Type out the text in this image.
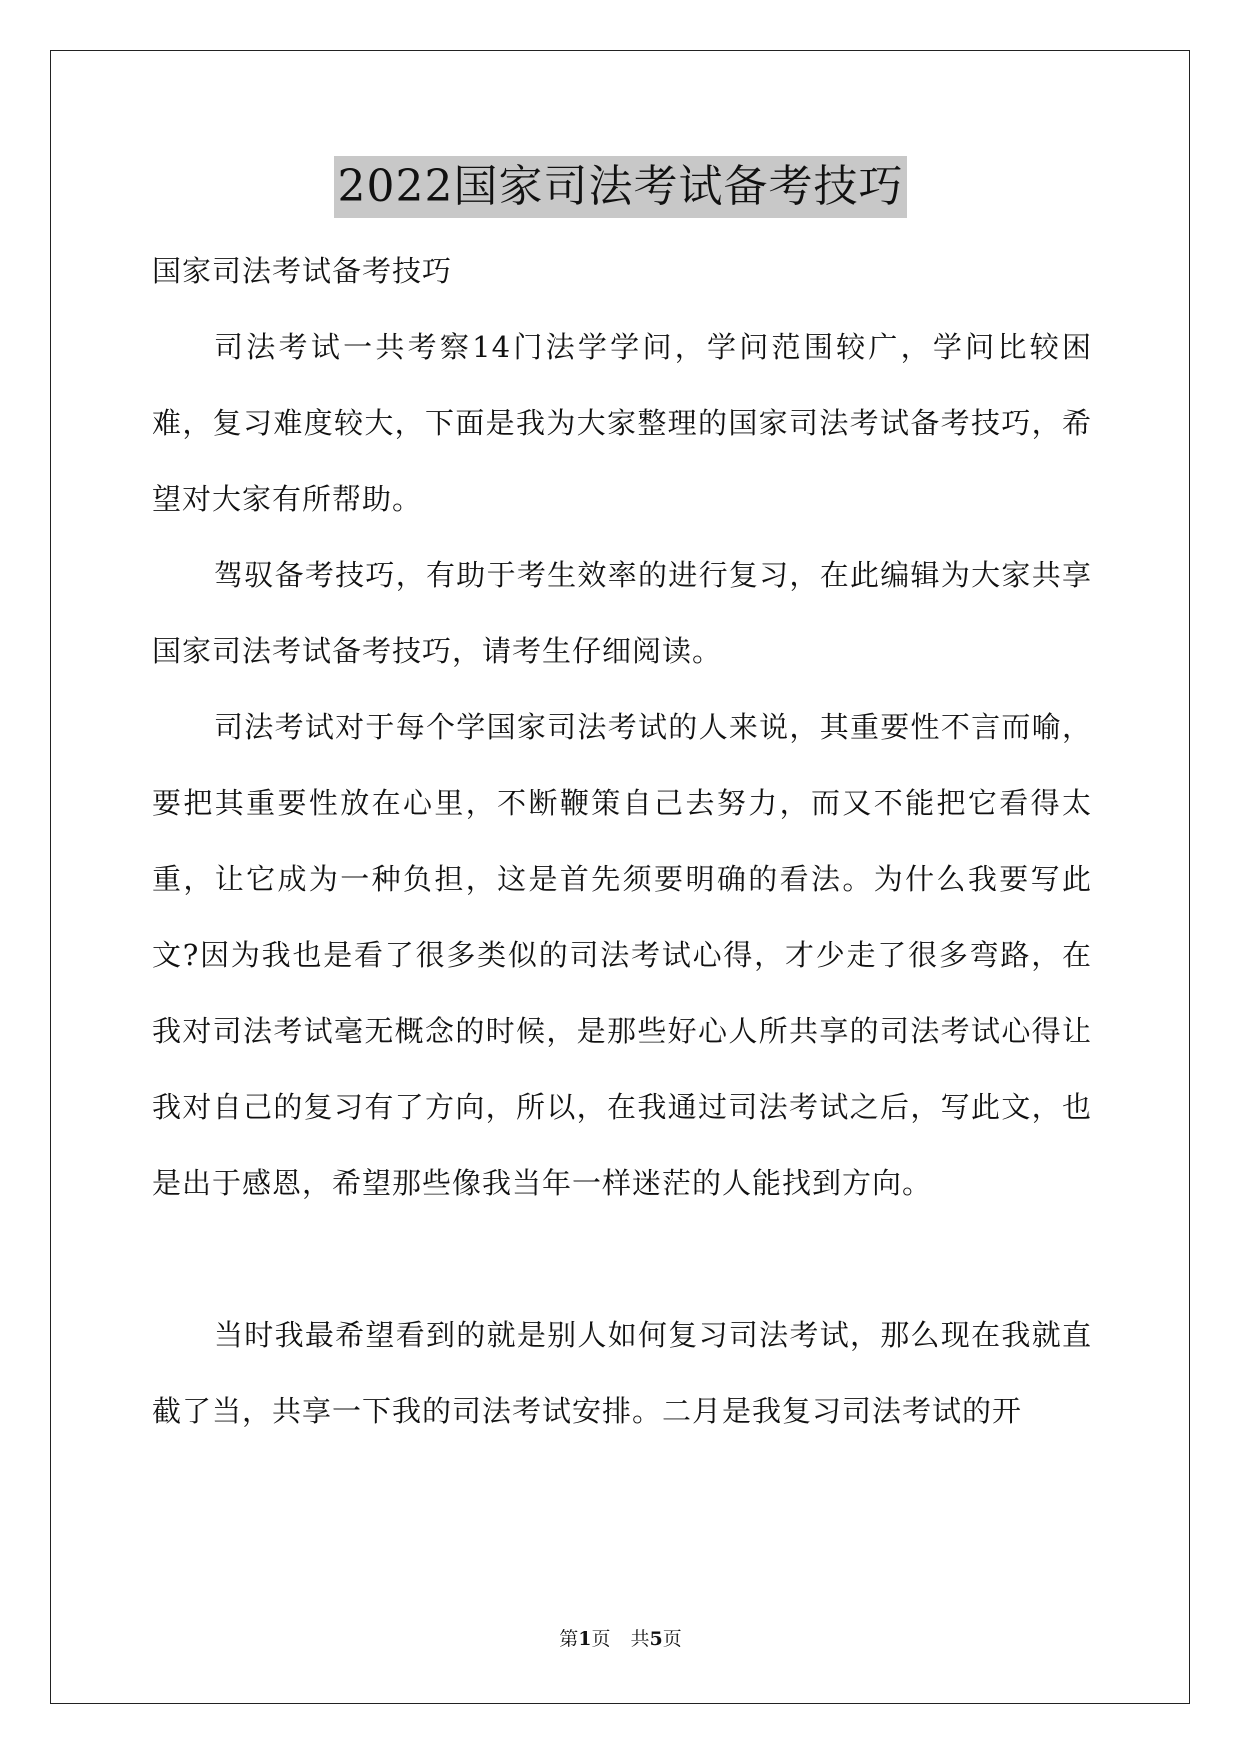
2022国家司法考试备考技巧

国家司法考试备考技巧

司法考试一共考察14门法学学问，学问范围较广，学问比较困难，复习难度较大，下面是我为大家整理的国家司法考试备考技巧，希望对大家有所帮助。

驾驭备考技巧，有助于考生效率的进行复习，在此编辑为大家共享国家司法考试备考技巧，请考生仔细阅读。

司法考试对于每个学国家司法考试的人来说，其重要性不言而喻，要把其重要性放在心里，不断鞭策自己去努力，而又不能把它看得太重，让它成为一种负担，这是首先须要明确的看法。为什么我要写此文?因为我也是看了很多类似的司法考试心得，才少走了很多弯路，在我对司法考试毫无概念的时候，是那些好心人所共享的司法考试心得让我对自己的复习有了方向，所以，在我通过司法考试之后，写此文，也是出于感恩，希望那些像我当年一样迷茫的人能找到方向。

当时我最希望看到的就是别人如何复习司法考试，那么现在我就直截了当，共享一下我的司法考试安排。二月是我复习司法考试的开

第1页 共5页
